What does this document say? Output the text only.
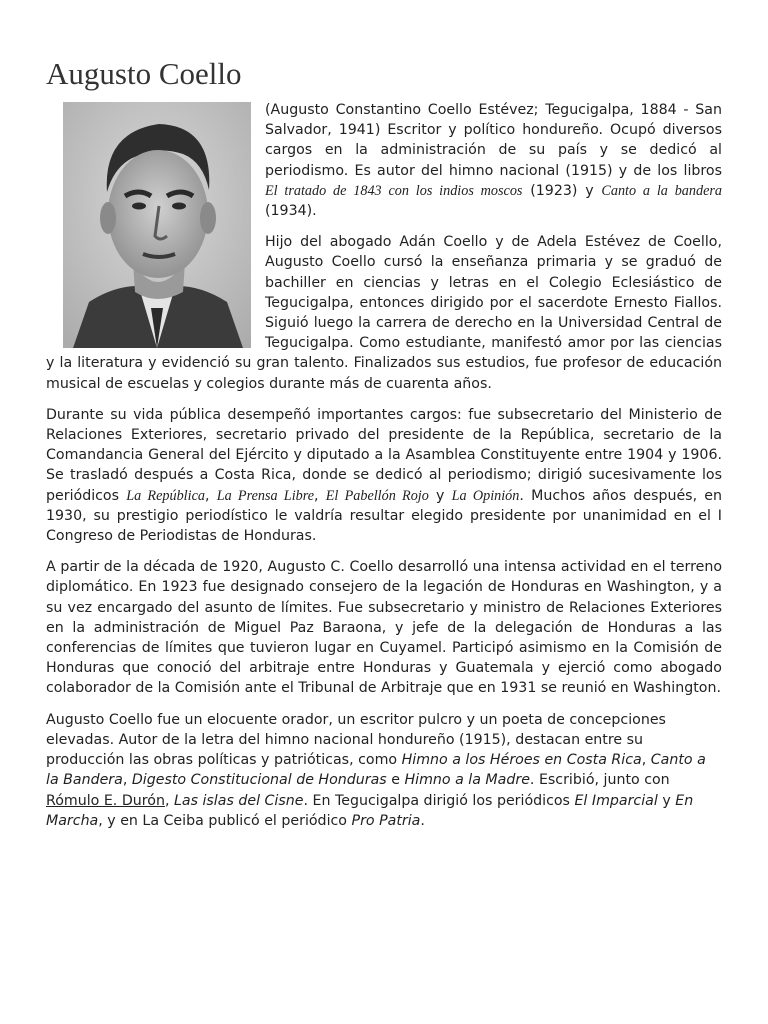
Augusto Coello

(Augusto Constantino Coello Estévez; Tegucigalpa, 1884 - San Salvador, 1941) Escritor y político hondureño. Ocupó diversos cargos en la administración de su país y se dedicó al periodismo. Es autor del himno nacional (1915) y de los libros El tratado de 1843 con los indios moscos (1923) y Canto a la bandera (1934).

Hijo del abogado Adán Coello y de Adela Estévez de Coello, Augusto Coello cursó la enseñanza primaria y se graduó de bachiller en ciencias y letras en el Colegio Eclesiástico de Tegucigalpa, entonces dirigido por el sacerdote Ernesto Fiallos. Siguió luego la carrera de derecho en la Universidad Central de Tegucigalpa. Como estudiante, manifestó amor por las ciencias y la literatura y evidenció su gran talento. Finalizados sus estudios, fue profesor de educación musical de escuelas y colegios durante más de cuarenta años.

Durante su vida pública desempeñó importantes cargos: fue subsecretario del Ministerio de Relaciones Exteriores, secretario privado del presidente de la República, secretario de la Comandancia General del Ejército y diputado a la Asamblea Constituyente entre 1904 y 1906. Se trasladó después a Costa Rica, donde se dedicó al periodismo; dirigió sucesivamente los periódicos La República, La Prensa Libre, El Pabellón Rojo y La Opinión. Muchos años después, en 1930, su prestigio periodístico le valdría resultar elegido presidente por unanimidad en el I Congreso de Periodistas de Honduras.

A partir de la década de 1920, Augusto C. Coello desarrolló una intensa actividad en el terreno diplomático. En 1923 fue designado consejero de la legación de Honduras en Washington, y a su vez encargado del asunto de límites. Fue subsecretario y ministro de Relaciones Exteriores en la administración de Miguel Paz Baraona, y jefe de la delegación de Honduras a las conferencias de límites que tuvieron lugar en Cuyamel. Participó asimismo en la Comisión de Honduras que conoció del arbitraje entre Honduras y Guatemala y ejerció como abogado colaborador de la Comisión ante el Tribunal de Arbitraje que en 1931 se reunió en Washington.

Augusto Coello fue un elocuente orador, un escritor pulcro y un poeta de concepciones elevadas. Autor de la letra del himno nacional hondureño (1915), destacan entre su producción las obras políticas y patrióticas, como Himno a los Héroes en Costa Rica, Canto a la Bandera, Digesto Constitucional de Honduras e Himno a la Madre. Escribió, junto con Rómulo E. Durón, Las islas del Cisne. En Tegucigalpa dirigió los periódicos El Imparcial y En Marcha, y en La Ceiba publicó el periódico Pro Patria.
